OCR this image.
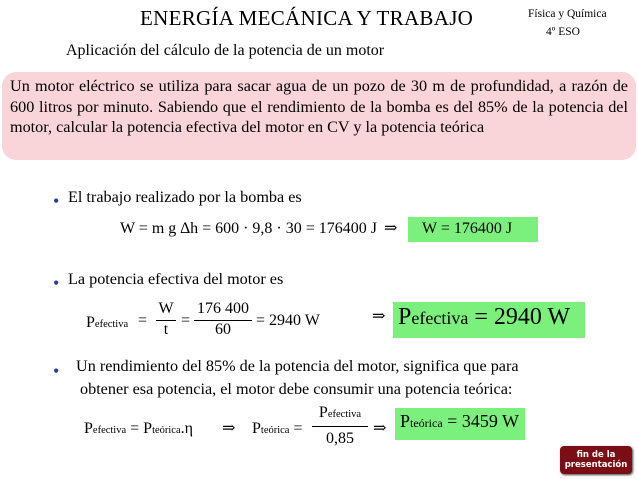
ENERGÍA MECÁNICA Y TRABAJO	Física y Química
4º ESO
Aplicación del cálculo de la potencia de un motor

Un motor eléctrico se utiliza para sacar agua de un pozo de 30 m de profundidad, a razón de 600 litros por minuto. Sabiendo que el rendimiento de la bomba es del 85% de la potencia del motor, calcular la potencia efectiva del motor en CV y la potencia teórica

• El trabajo realizado por la bomba es
W = m g ∆h = 600 · 9,8 · 30 = 176400 J ⇒ W = 176400 J
• La potencia efectiva del motor es
Pefectiva =
W
t
=
176 400
60
= 2940 W	⇒ Pefectiva = 2940 W
• Un rendimiento del 85% de la potencia del motor, significa que para
obtener esa potencia, el motor debe consumir una potencia teórica:
Pefectiva = Pteórica.η ⇒ Pteórica =
Pefectiva
0,85
⇒ Pteórica = 3459 W
fin de la
presentación
